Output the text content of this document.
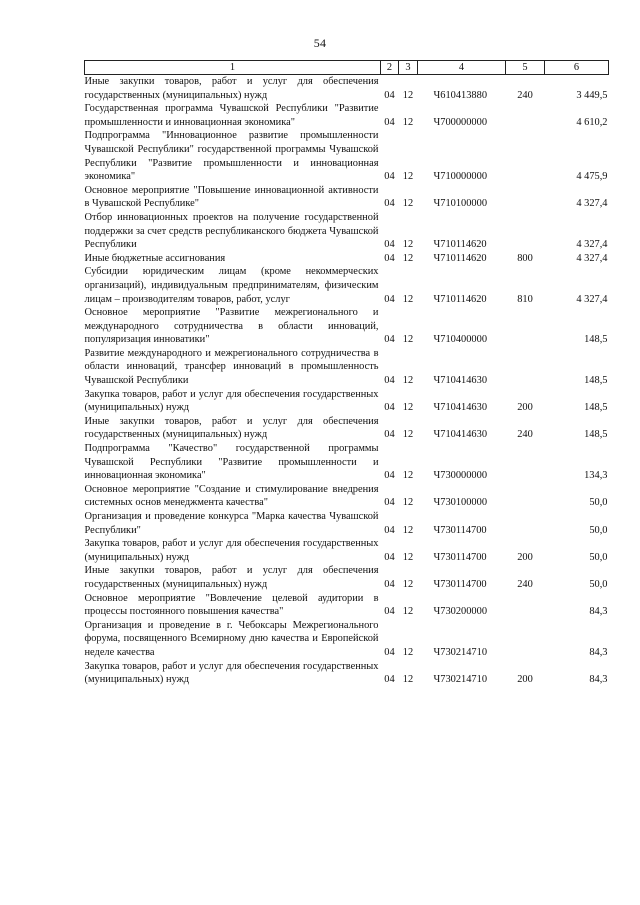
54
1	2	3	4	5	6
Иные закупки товаров, работ и услуг для обеспечения государственных (муниципальных) нужд	04	12	Ч610413880	240	3 449,5
Государственная программа Чувашской Республики "Развитие промышленности и инновационная экономика"	04	12	Ч700000000		4 610,2
Подпрограмма "Инновационное развитие промышленности Чувашской Республики" государственной программы Чувашской Республики "Развитие промышленности и инновационная экономика"	04	12	Ч710000000		4 475,9
Основное мероприятие "Повышение инновационной активности в Чувашской Республике"	04	12	Ч710100000		4 327,4
Отбор инновационных проектов на получение государственной поддержки за счет средств республиканского бюджета Чувашской Республики	04	12	Ч710114620		4 327,4
Иные бюджетные ассигнования	04	12	Ч710114620	800	4 327,4
Субсидии юридическим лицам (кроме некоммерческих организаций), индивидуальным предпринимателям, физическим лицам – производителям товаров, работ, услуг	04	12	Ч710114620	810	4 327,4
Основное мероприятие "Развитие межрегионального и международного сотрудничества в области инноваций, популяризация инноватики"	04	12	Ч710400000		148,5
Развитие международного и межрегионального сотрудничества в области инноваций, трансфер инноваций в промышленность Чувашской Республики	04	12	Ч710414630		148,5
Закупка товаров, работ и услуг для обеспечения государственных (муниципальных) нужд	04	12	Ч710414630	200	148,5
Иные закупки товаров, работ и услуг для обеспечения государственных (муниципальных) нужд	04	12	Ч710414630	240	148,5
Подпрограмма "Качество" государственной программы Чувашской Республики "Развитие промышленности и инновационная экономика"	04	12	Ч730000000		134,3
Основное мероприятие "Создание и стимулирование внедрения системных основ менеджмента качества"	04	12	Ч730100000		50,0
Организация и проведение конкурса "Марка качества Чувашской Республики"	04	12	Ч730114700		50,0
Закупка товаров, работ и услуг для обеспечения государственных (муниципальных) нужд	04	12	Ч730114700	200	50,0
Иные закупки товаров, работ и услуг для обеспечения государственных (муниципальных) нужд	04	12	Ч730114700	240	50,0
Основное мероприятие "Вовлечение целевой аудитории в процессы постоянного повышения качества"	04	12	Ч730200000		84,3
Организация и проведение в г. Чебоксары Межрегионального форума, посвященного Всемирному дню качества и Европейской неделе качества	04	12	Ч730214710		84,3
Закупка товаров, работ и услуг для обеспечения государственных (муниципальных) нужд	04	12	Ч730214710	200	84,3
